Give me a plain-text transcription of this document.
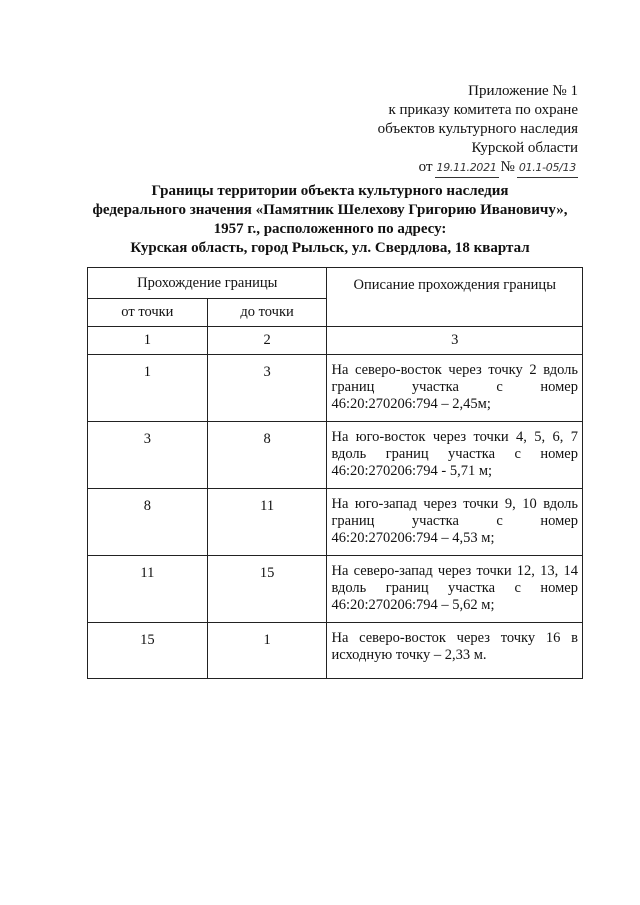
Приложение № 1
к приказу комитета по охране
объектов культурного наследия
Курской области
от 19.11.2021 № 01.1-05/13
Границы территории объекта культурного наследия
федерального значения «Памятник Шелехову Григорию Ивановичу»,
1957 г., расположенного по адресу:
Курская область, город Рыльск, ул. Свердлова, 18 квартал
Прохождение границы		Описание прохождения границы
от точки	до точки	
1	2	3
1	3	На северо-восток через точку 2 вдоль границ участка с номер 46:20:270206:794 – 2,45м;
3	8	На юго-восток через точки 4, 5, 6, 7 вдоль границ участка с номер 46:20:270206:794 - 5,71 м;
8	11	На юго-запад через точки 9, 10 вдоль границ участка с номер 46:20:270206:794 – 4,53 м;
11	15	На северо-запад через точки 12, 13, 14 вдоль границ участка с номер 46:20:270206:794 – 5,62 м;
15	1	На северо-восток через точку 16 в исходную точку – 2,33 м.
